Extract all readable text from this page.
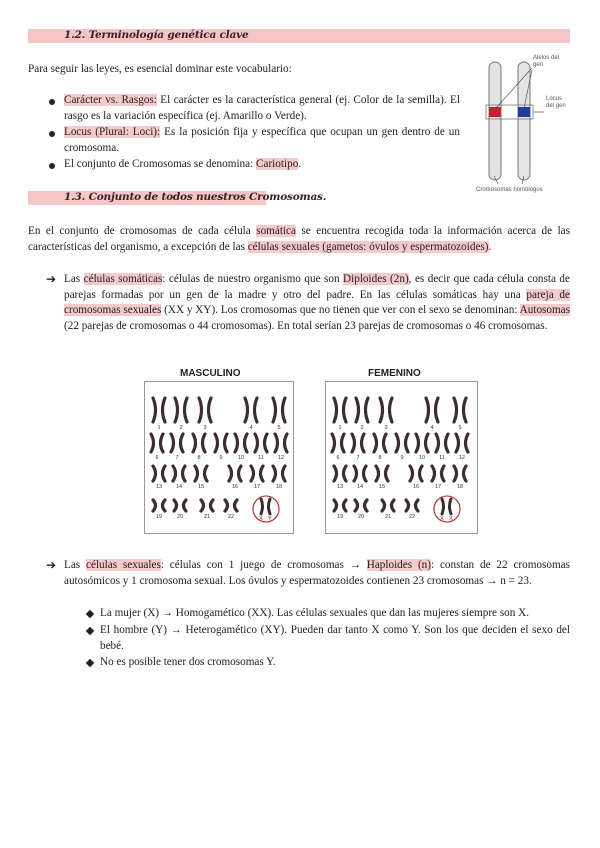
1.2. Terminología genética clave
Para seguir las leyes, es esencial dominar este vocabulario:
Carácter vs. Rasgos: El carácter es la característica general (ej. Color de la semilla). El rasgo es la variación específica (ej. Amarillo o Verde).
Locus (Plural: Loci): Es la posición fija y específica que ocupan un gen dentro de un cromosoma.
El conjunto de Cromosomas se denomina: Cariotipo.
Alelos del gen
Locus del gen
Cromosomas homólogos
1.3. Conjunto de todos nuestros Cromosomas.
En el conjunto de cromosomas de cada célula somática se encuentra recogida toda la información acerca de las características del organismo, a excepción de las células sexuales (gametos: óvulos y espermatozoides).
➔ Las células somáticas: células de nuestro organismo que son Diploides (2n), es decir que cada célula consta de parejas formadas por un gen de la madre y otro del padre. En las células somáticas hay una pareja de cromosomas sexuales (XX y XY). Los cromosomas que no tienen que ver con el sexo se denominan: Autosomas (22 parejas de cromosomas o 44 cromosomas). En total serían 23 parejas de cromosomas o 46 cromosomas.
MASCULINO
1	2	3	4	5
6	7	8	9	10	11	12
13	14	15	16	17	18
19	20	21	22	X Y
FEMENINO
1	2	3	4	5
6	7	8	9	10	11	12
13	14	15	16	17	18
19	20	21	22	X X
➔ Las células sexuales: células con 1 juego de cromosomas → Haploides (n): constan de 22 cromosomas autosómicos y 1 cromosoma sexual. Los óvulos y espermatozoides contienen 23 cromosomas → n = 23.
La mujer (X) → Homogamético (XX). Las células sexuales que dan las mujeres siempre son X.
El hombre (Y) → Heterogamético (XY). Pueden dar tanto X como Y. Son los que deciden el sexo del bebé.
No es posible tener dos cromosomas Y.
